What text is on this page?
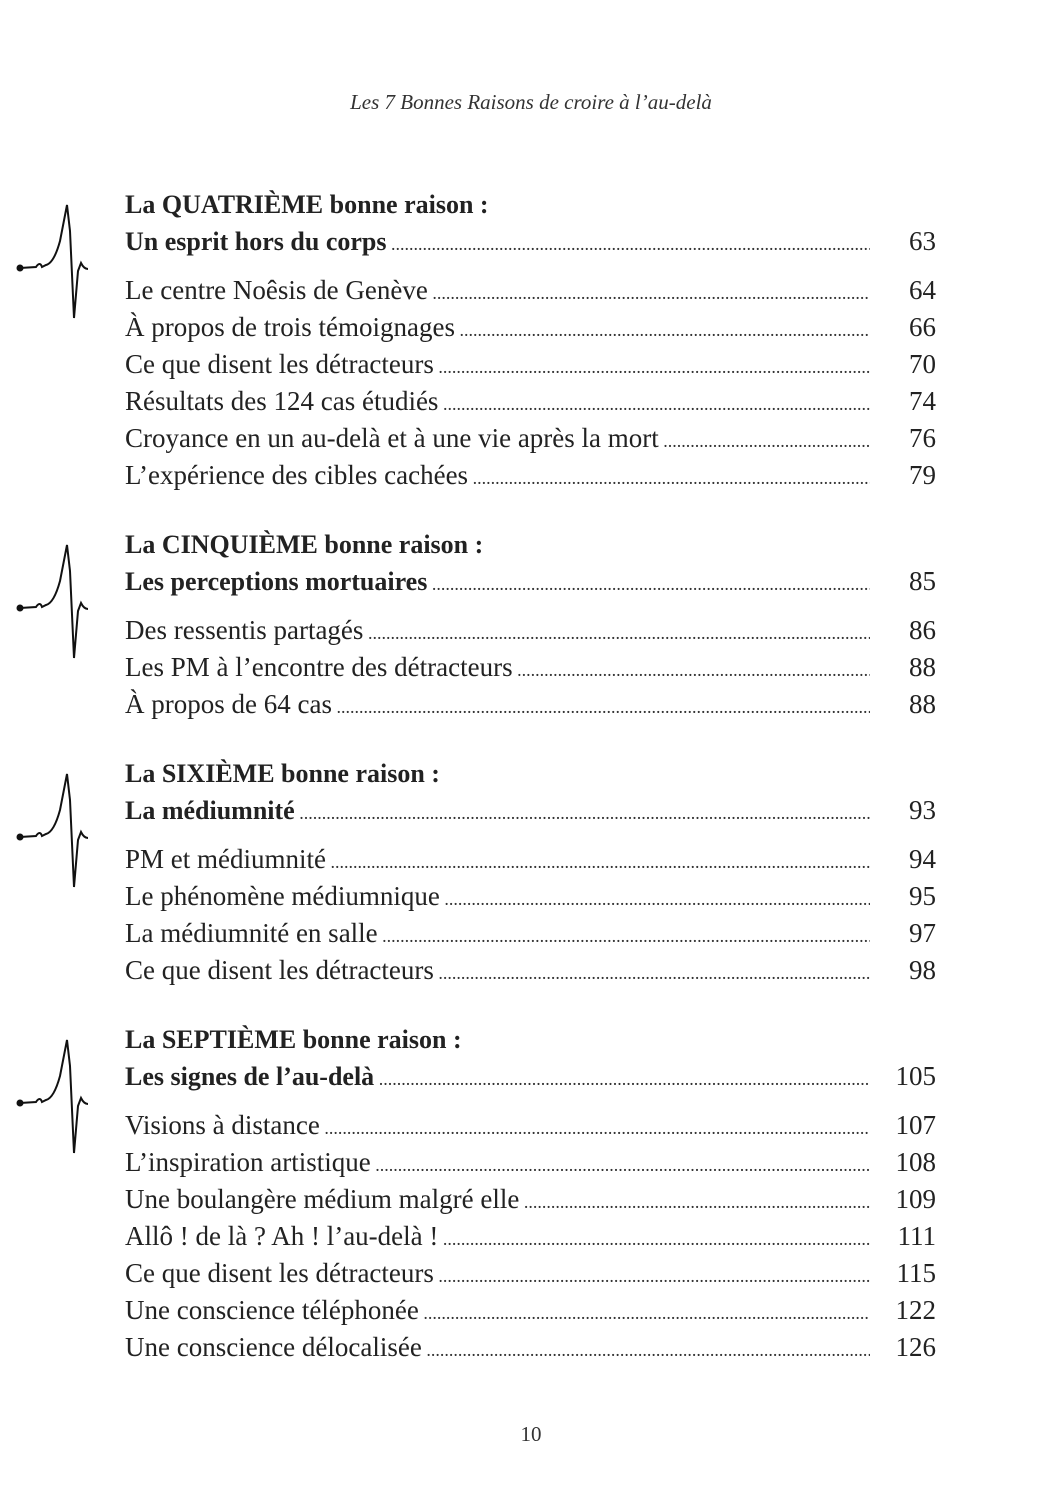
Les 7 Bonnes Raisons de croire à l’au-delà
La QUATRIÈME bonne raison :
Un esprit hors du corps .....	63
Le centre Noêsis de Genève .....	64
À propos de trois témoignages .....	66
Ce que disent les détracteurs .....	70
Résultats des 124 cas étudiés .....	74
Croyance en un au-delà et à une vie après la mort .....	76
L’expérience des cibles cachées .....	79
La CINQUIÈME bonne raison :
Les perceptions mortuaires .....	85
Des ressentis partagés .....	86
Les PM à l’encontre des détracteurs .....	88
À propos de 64 cas .....	88
La SIXIÈME bonne raison :
La médiumnité .....	93
PM et médiumnité .....	94
Le phénomène médiumnique .....	95
La médiumnité en salle .....	97
Ce que disent les détracteurs .....	98
La SEPTIÈME bonne raison :
Les signes de l’au-delà .....	105
Visions à distance .....	107
L’inspiration artistique .....	108
Une boulangère médium malgré elle .....	109
Allô ! de là ? Ah ! l’au-delà ! .....	111
Ce que disent les détracteurs .....	115
Une conscience téléphonée .....	122
Une conscience délocalisée .....	126
10
